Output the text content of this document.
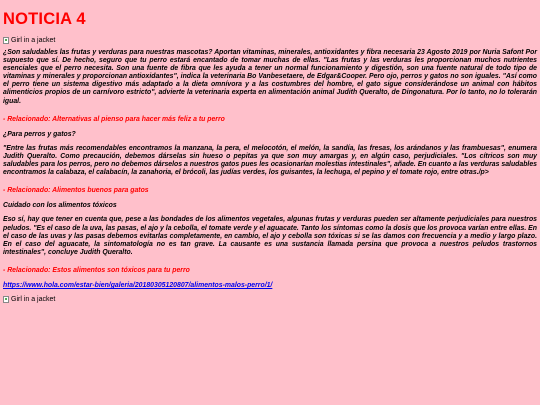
NOTICIA 4
Girl in a jacket

¿Son saludables las frutas y verduras para nuestras mascotas? Aportan vitaminas, minerales, antioxidantes y fibra necesaria 23 Agosto 2019 por Nuria Safont Por supuesto que sí. De hecho, seguro que tu perro estará encantado de tomar muchas de ellas. "Las frutas y las verduras les proporcionan muchos nutrientes esenciales que el perro necesita. Son una fuente de fibra que les ayuda a tener un normal funcionamiento y digestión, son una fuente natural de todo tipo de vitaminas y minerales y proporcionan antioxidantes", indica la veterinaria Bo Vanbesetaere, de Edgar&Cooper. Pero ojo, perros y gatos no son iguales. "Así como el perro tiene un sistema digestivo más adaptado a la dieta omnívora y a las costumbres del hombre, el gato sigue considerándose un animal con hábitos alimenticios propios de un carnívoro estricto", advierte la veterinaria experta en alimentación animal Judith Queralto, de Dingonatura. Por lo tanto, no lo tolerarán igual.

- Relacionado: Alternativas al pienso para hacer más feliz a tu perro

¿Para perros y gatos?

"Entre las frutas más recomendables encontramos la manzana, la pera, el melocotón, el melón, la sandía, las fresas, los arándanos y las frambuesas", enumera Judith Queralto. Como precaución, debemos dárselas sin hueso o pepitas ya que son muy amargas y, en algún caso, perjudiciales. "Los cítricos son muy saludables para los perros, pero no debemos dárselos a nuestros gatos pues les ocasionarían molestias intestinales", añade. En cuanto a las verduras saludables encontramos la calabaza, el calabacín, la zanahoria, el brócoli, las judías verdes, los guisantes, la lechuga, el pepino y el tomate rojo, entre otras./p>

- Relacionado: Alimentos buenos para gatos

Cuidado con los alimentos tóxicos

Eso sí, hay que tener en cuenta que, pese a las bondades de los alimentos vegetales, algunas frutas y verduras pueden ser altamente perjudiciales para nuestros peludos. "Es el caso de la uva, las pasas, el ajo y la cebolla, el tomate verde y el aguacate. Tanto los síntomas como la dosis que los provoca varían entre ellas. En el caso de las uvas y las pasas debemos evitarlas completamente, en cambio, el ajo y cebolla son tóxicas si se las damos con frecuencia y a medio y largo plazo. En el caso del aguacate, la sintomatología no es tan grave. La causante es una sustancia llamada persina que provoca a nuestros peludos trastornos intestinales", concluye Judith Queralto.

- Relacionado: Estos alimentos son tóxicos para tu perro

https://www.hola.com/estar-bien/galeria/20180305120807/alimentos-malos-perro/1/
Girl in a jacket
